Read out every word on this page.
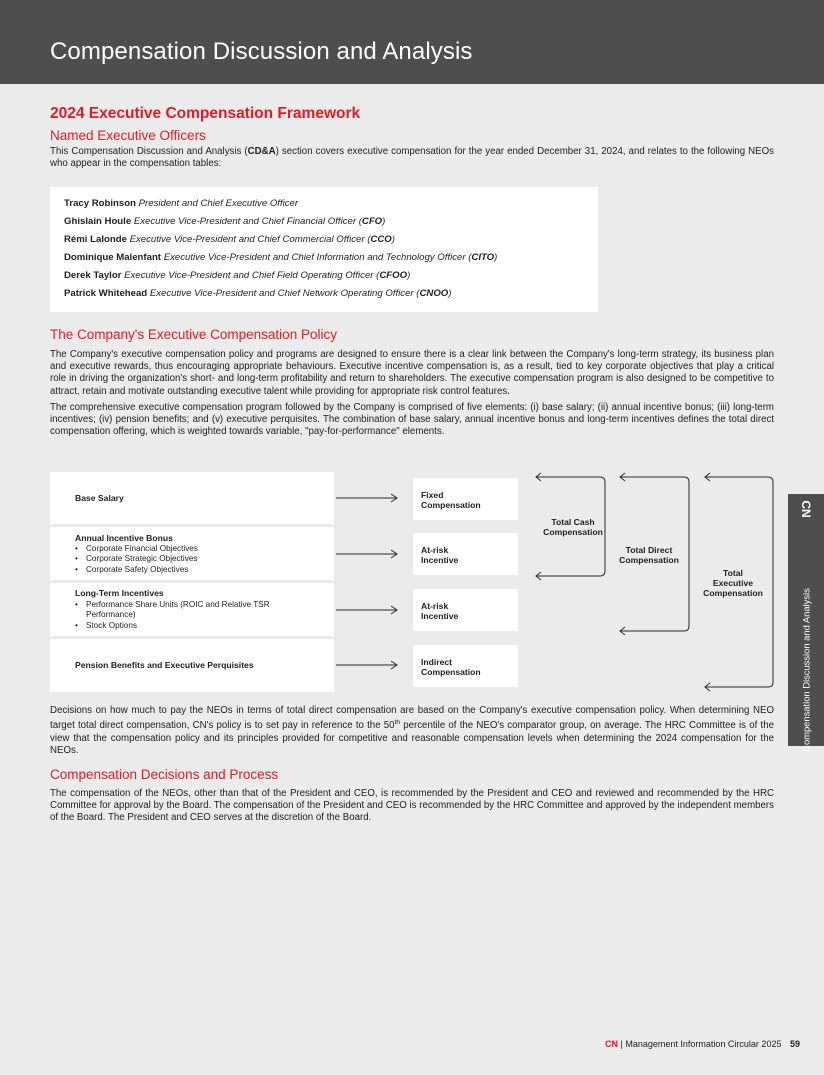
Compensation Discussion and Analysis
2024 Executive Compensation Framework
Named Executive Officers

This Compensation Discussion and Analysis (CD&A) section covers executive compensation for the year ended December 31, 2024, and relates to the following NEOs who appear in the compensation tables:

Tracy Robinson President and Chief Executive Officer
Ghislain Houle Executive Vice-President and Chief Financial Officer (CFO)
Rémi Lalonde Executive Vice-President and Chief Commercial Officer (CCO)
Dominique Malenfant Executive Vice-President and Chief Information and Technology Officer (CITO)
Derek Taylor Executive Vice-President and Chief Field Operating Officer (CFOO)
Patrick Whitehead Executive Vice-President and Chief Network Operating Officer (CNOO)
The Company's Executive Compensation Policy

The Company's executive compensation policy and programs are designed to ensure there is a clear link between the Company's long-term strategy, its business plan and executive rewards, thus encouraging appropriate behaviours. Executive incentive compensation is, as a result, tied to key corporate objectives that play a critical role in driving the organization's short- and long-term profitability and return to shareholders. The executive compensation program is also designed to be competitive to attract, retain and motivate outstanding executive talent while providing for appropriate risk control features.

The comprehensive executive compensation program followed by the Company is comprised of five elements: (i) base salary; (ii) annual incentive bonus; (iii) long-term incentives; (iv) pension benefits; and (v) executive perquisites. The combination of base salary, annual incentive bonus and long-term incentives defines the total direct compensation offering, which is weighted towards variable, "pay-for-performance" elements.

Base Salary
Annual Incentive Bonus
• Corporate Financial Objectives
• Corporate Strategic Objectives
• Corporate Safety Objectives
Long-Term Incentives
• Performance Share Units (ROIC and Relative TSR Performance)
• Stock Options
Pension Benefits and Executive Perquisites
Fixed
Compensation
At-risk
Incentive
At-risk
Incentive
Indirect
Compensation
Total Cash
Compensation
Total Direct
Compensation
Total
Executive
Compensation

Decisions on how much to pay the NEOs in terms of total direct compensation are based on the Company's executive compensation policy. When determining NEO target total direct compensation, CN's policy is to set pay in reference to the 50th percentile of the NEO's comparator group, on average. The HRC Committee is of the view that the compensation policy and its principles provided for competitive and reasonable compensation levels when determining the 2024 compensation for the NEOs.

Compensation Decisions and Process

The compensation of the NEOs, other than that of the President and CEO, is recommended by the President and CEO and reviewed and recommended by the HRC Committee for approval by the Board. The compensation of the President and CEO is recommended by the HRC Committee and approved by the independent members of the Board. The President and CEO serves at the discretion of the Board.

CN
Compensation Discussion and Analysis
CN | Management Information Circular 2025 59
